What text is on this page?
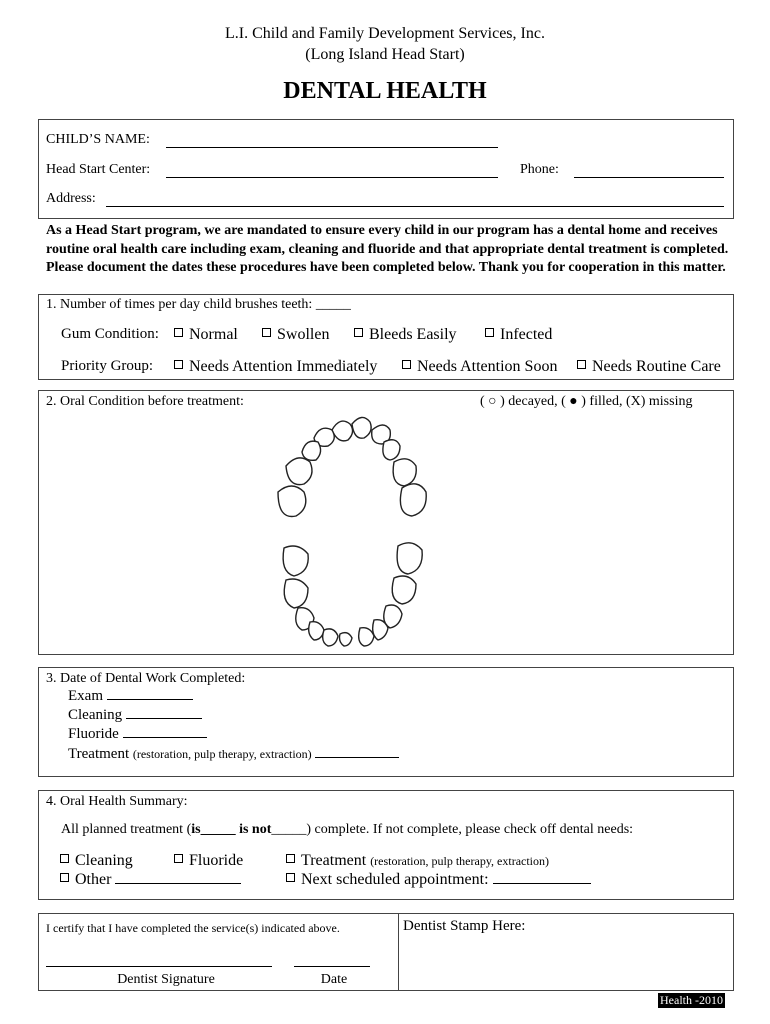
L.I. Child and Family Development Services, Inc.
(Long Island Head Start)
DENTAL HEALTH
CHILD’S NAME:
Head Start Center:	Phone:
Address:
As a Head Start program, we are mandated to ensure every child in our program has a dental home and receives routine oral health care including exam, cleaning and fluoride and that appropriate dental treatment is completed. Please document the dates these procedures have been completed below. Thank you for cooperation in this matter.
1. Number of times per day child brushes teeth: _____
Gum Condition:	Normal	Swollen	Bleeds Easily	Infected
Priority Group:	Needs Attention Immediately	Needs Attention Soon	Needs Routine Care
2. Oral Condition before treatment:	( ○ ) decayed, ( ● ) filled, (X) missing
3. Date of Dental Work Completed:
Exam
Cleaning
Fluoride
Treatment (restoration, pulp therapy, extraction)
4. Oral Health Summary:
All planned treatment (is_____ is not_____) complete. If not complete, please check off dental needs:
Cleaning	Fluoride	Treatment (restoration, pulp therapy, extraction)
Other	Next scheduled appointment:
I certify that I have completed the service(s) indicated above.
Dentist Signature	Date
Dentist Stamp Here:
Health -2010
